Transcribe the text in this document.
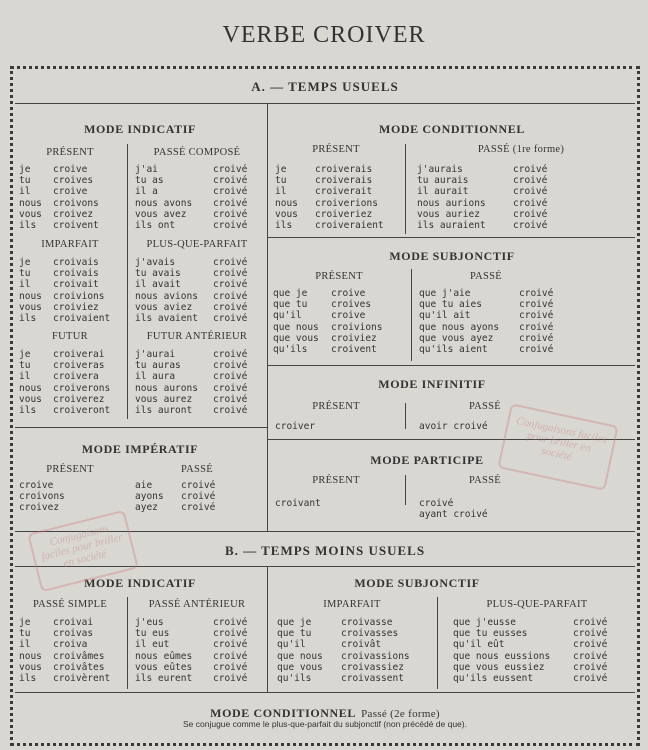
VERBE CROIVER
A. — TEMPS USUELS
MODE INDICATIF
PRÉSENT
je croive
tu croives
il croive
nous croivons
vous croivez
ils croivent
PASSÉ COMPOSÉ
j'ai	croivé
tu as	croivé
il a	croivé
nous avons croivé
vous avez	croivé
ils ont	croivé
IMPARFAIT
je croivais
tu croivais
il croivait
nous croivions
vous croiviez
ils croivaient
PLUS-QUE-PARFAIT
j'avais	croivé
tu avais	croivé
il avait	croivé
nous avions croivé
vous aviez croivé
ils avaient croivé
FUTUR
je croiverai
tu croiveras
il croivera
nous croiverons
vous croiverez
ils croiveront
FUTUR ANTÉRIEUR
j'aurai	croivé
tu auras	croivé
il aura	croivé
nous aurons croivé
vous aurez croivé
ils auront croivé
MODE IMPÉRATIF
PRÉSENT
croive
croivons
croivez
PASSÉ
aie	croivé
ayons croivé
ayez croivé
MODE CONDITIONNEL
PRÉSENT
je	croiverais
tu	croiverais
il	croiverait
nous croiverions
vous croiveriez
ils croiveraient
PASSÉ (1re forme)
j'aurais	croivé
tu aurais	croivé
il aurait	croivé
nous aurions	croivé
vous auriez	croivé
ils auraient	croivé
MODE SUBJONCTIF
PRÉSENT
que je croive
que tu croives
qu'il	croive
que nous croivions
que vous croiviez
qu'ils croivent
PASSÉ
que j'aie	croivé
que tu aies	croivé
qu'il ait	croivé
que nous ayons croivé
que vous ayez	croivé
qu'ils aient	croivé
MODE INFINITIF
PRÉSENT
croiver
PASSÉ
avoir croivé
MODE PARTICIPE
PRÉSENT
croivant
PASSÉ
croivé
ayant croivé
B. — TEMPS MOINS USUELS
MODE INDICATIF
PASSÉ SIMPLE
je croivai
tu croivas
il croiva
nous croivâmes
vous croivâtes
ils croivèrent
PASSÉ ANTÉRIEUR
j'eus	croivé
tu eus	croivé
il eut	croivé
nous eûmes croivé
vous eûtes croivé
ils eurent croivé
MODE SUBJONCTIF
IMPARFAIT
que je	croivasse
que tu	croivasses
qu'il	croivât
que nous croivassions
que vous croivassiez
qu'ils	croivassent
PLUS-QUE-PARFAIT
que j'eusse	croivé
que tu eusses	croivé
qu'il eût	croivé
que nous eussions croivé
que vous eussiez	croivé
qu'ils eussent	croivé
MODE CONDITIONNEL Passé (2e forme)
Se conjugue comme le plus-que-parfait du subjonctif (non précédé de que).
Conjugaisons faciles pour briller en société
Conjugaisons faciles pour briller en société
